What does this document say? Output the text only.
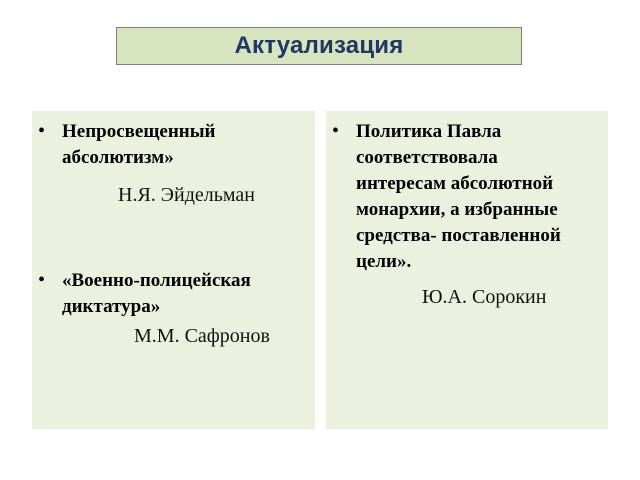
Актуализация
• Непросвещенный
абсолютизм»
Н.Я. Эйдельман
• «Военно-полицейская
диктатура»
М.М. Сафронов
• Политика Павла
соответствовала
интересам абсолютной
монархии, а избранные
средства- поставленной
цели».
Ю.А. Сорокин
